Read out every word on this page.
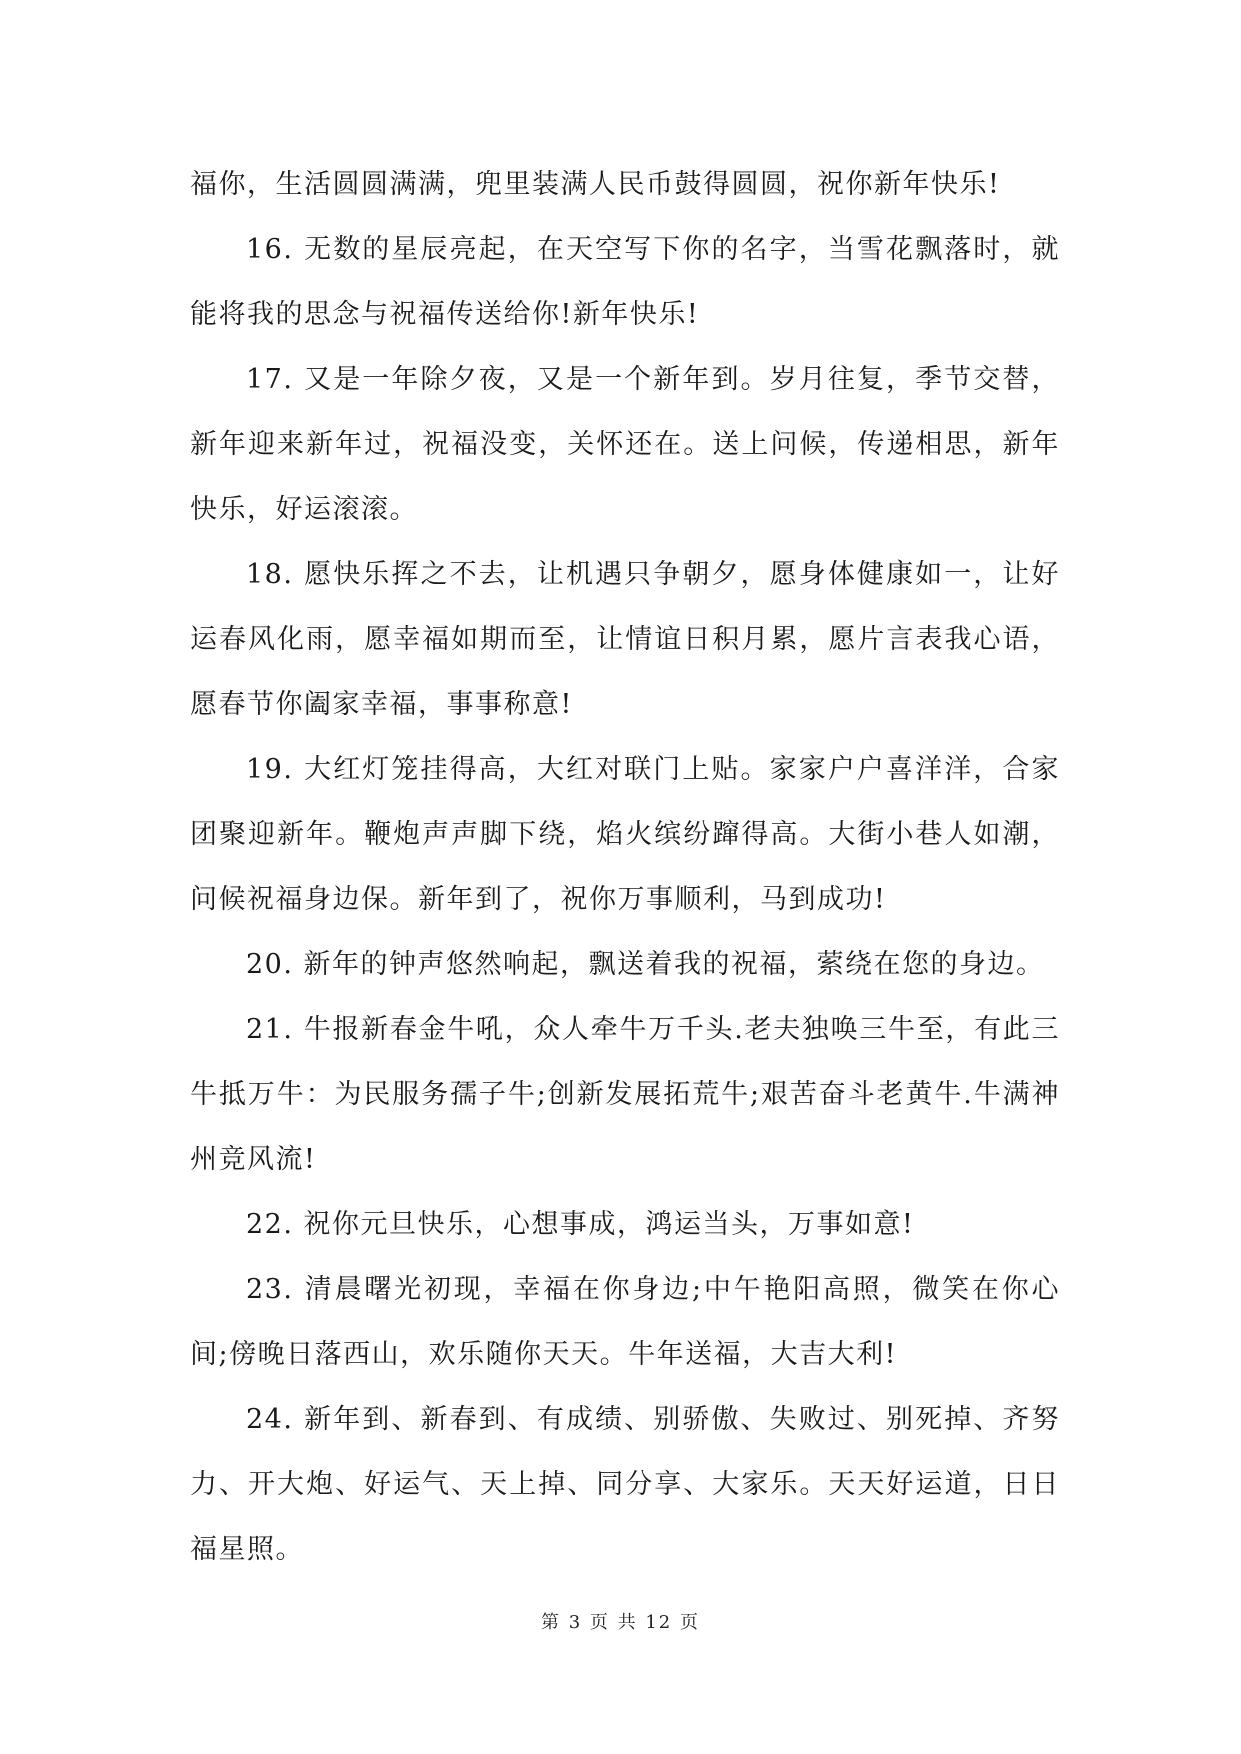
福你，生活圆圆满满，兜里装满人民币鼓得圆圆，祝你新年快乐!

16. 无数的星辰亮起，在天空写下你的名字，当雪花飘落时，就能将我的思念与祝福传送给你!新年快乐!

17. 又是一年除夕夜，又是一个新年到。岁月往复，季节交替，新年迎来新年过，祝福没变，关怀还在。送上问候，传递相思，新年快乐，好运滚滚。

18. 愿快乐挥之不去，让机遇只争朝夕，愿身体健康如一，让好运春风化雨，愿幸福如期而至，让情谊日积月累，愿片言表我心语，愿春节你阖家幸福，事事称意!

19. 大红灯笼挂得高，大红对联门上贴。家家户户喜洋洋，合家团聚迎新年。鞭炮声声脚下绕，焰火缤纷蹿得高。大街小巷人如潮，问候祝福身边保。新年到了，祝你万事顺利，马到成功!

20. 新年的钟声悠然响起，飘送着我的祝福，萦绕在您的身边。

21. 牛报新春金牛吼，众人牵牛万千头.老夫独唤三牛至，有此三牛抵万牛：为民服务孺子牛;创新发展拓荒牛;艰苦奋斗老黄牛.牛满神州竞风流!

22. 祝你元旦快乐，心想事成，鸿运当头，万事如意!

23. 清晨曙光初现，幸福在你身边;中午艳阳高照，微笑在你心间;傍晚日落西山，欢乐随你天天。牛年送福，大吉大利!

24. 新年到、新春到、有成绩、别骄傲、失败过、别死掉、齐努力、开大炮、好运气、天上掉、同分享、大家乐。天天好运道，日日福星照。

第 3 页 共 12 页
